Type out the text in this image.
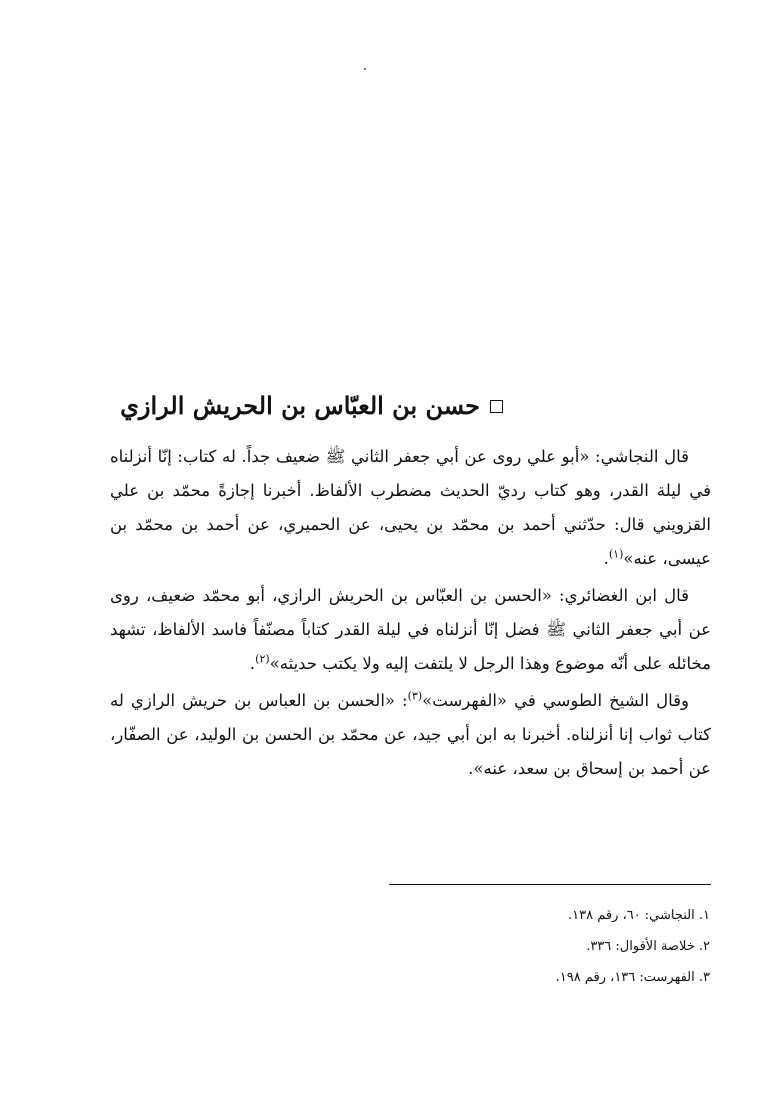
حسن بن العبّاس بن الحريش الرازي

قال النجاشي: «أبو علي روى عن أبي جعفر الثاني ﷺ ضعيف جداً. له كتاب: إنّا أنزلناه في ليلة القدر، وهو كتاب رديّ الحديث مضطرب الألفاظ. أخبرنا إجازةً محمّد بن علي القزويني قال: حدّثني أحمد بن محمّد بن يحيى، عن الحميري، عن أحمد بن محمّد بن عيسى، عنه»$^{(١)}$.

قال ابن الغضائري: «الحسن بن العبّاس بن الحريش الرازي، أبو محمّد ضعيف، روى عن أبي جعفر الثاني ﷺ فضل إنّا أنزلناه في ليلة القدر كتاباً مصنّفاً فاسد الألفاظ، تشهد مخائله على أنّه موضوع وهذا الرجل لا يلتفت إليه ولا يكتب حديثه»$^{(٢)}$.

وقال الشيخ الطوسي في «الفهرست»$^{(٣)}$: «الحسن بن العباس بن حريش الرازي له كتاب ثواب إنا أنزلناه. أخبرنا به ابن أبي جيد، عن محمّد بن الحسن بن الوليد، عن الصفّار، عن أحمد بن إسحاق بن سعد، عنه».

١. النجاشي: ٦٠، رقم ١٣٨.
٢. خلاصة الأقوال: ٣٣٦.
٣. الفهرست: ١٣٦، رقم ١٩٨.
